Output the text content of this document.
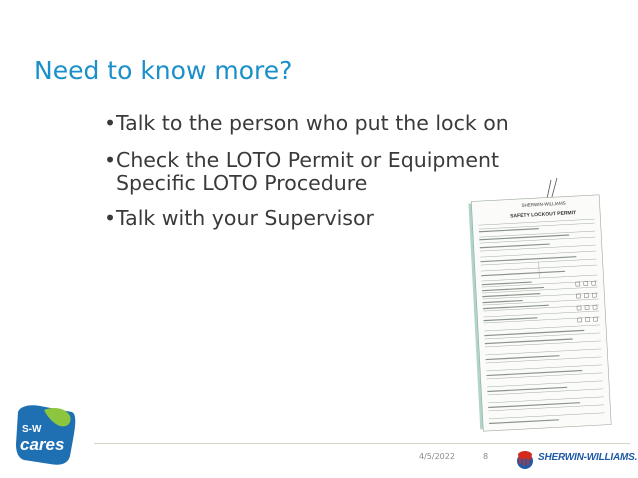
Need to know more?
• Talk to the person who put the lock on
• Check the LOTO Permit or Equipment Specific LOTO Procedure
• Talk with your Supervisor
SHERWIN-WILLIAMS
SAFETY LOCKOUT PERMIT
4/5/2022	8
S-W
cares
SHERWIN-WILLIAMS.
